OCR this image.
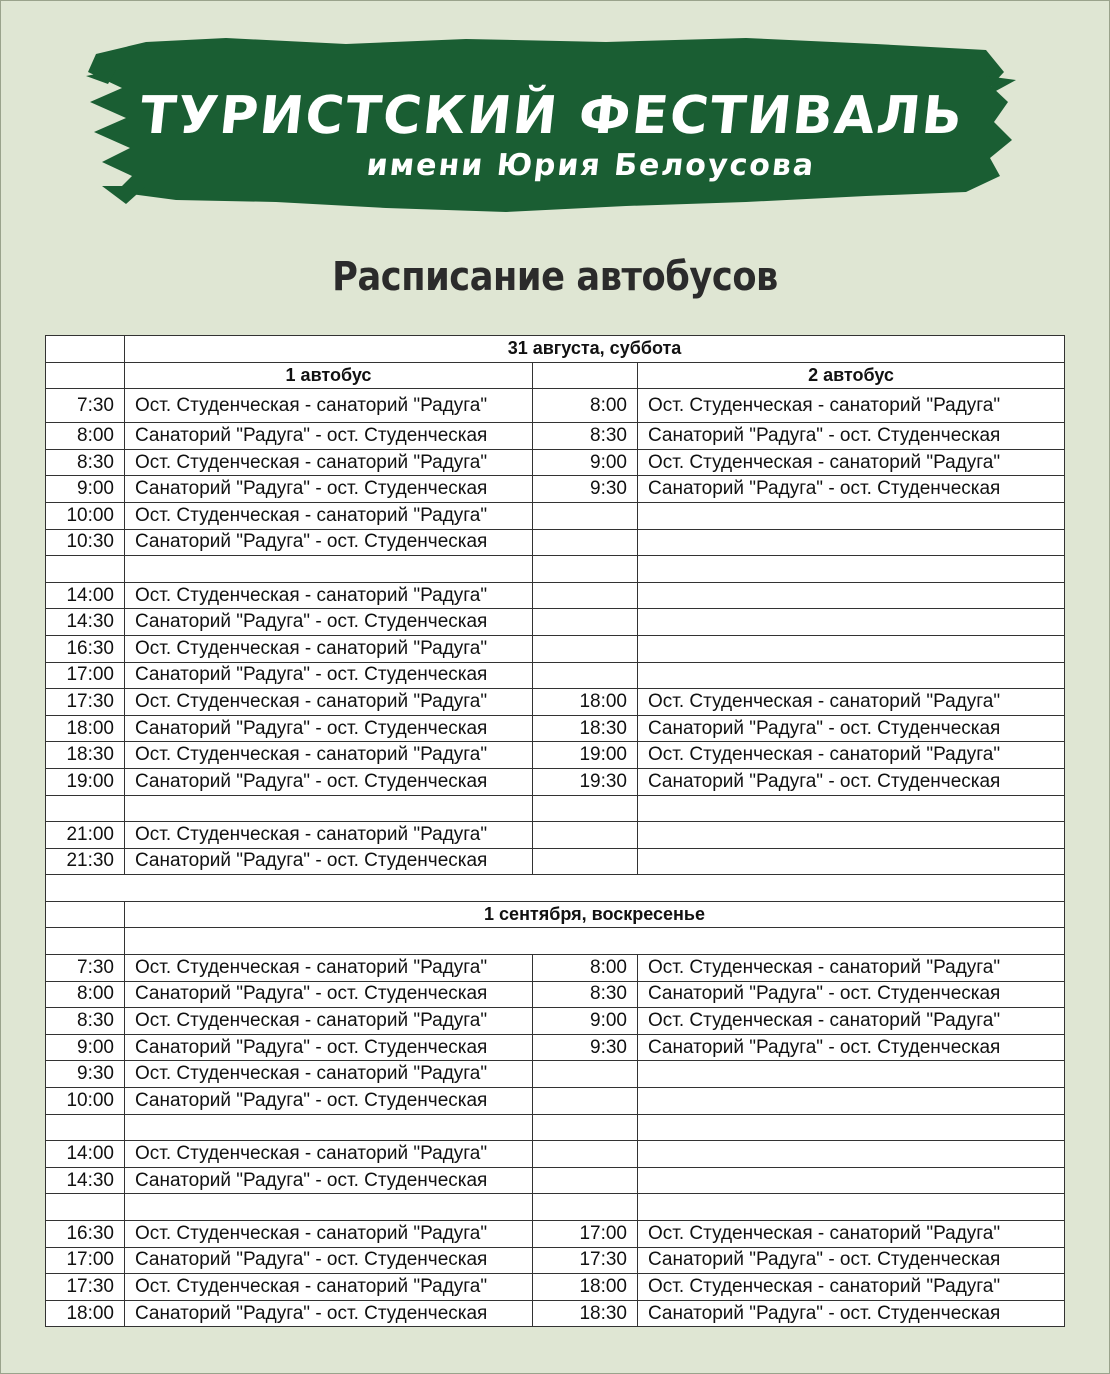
ТУРИСТСКИЙ ФЕСТИВАЛЬ
имени Юрия Белоусова
Расписание автобусов
	31 августа, суббота		
	1 автобус		2 автобус
7:30	Ост. Студенческая - санаторий "Радуга"	8:00	Ост. Студенческая - санаторий "Радуга"
8:00	Санаторий "Радуга" - ост. Студенческая	8:30	Санаторий "Радуга" - ост. Студенческая
8:30	Ост. Студенческая - санаторий "Радуга"	9:00	Ост. Студенческая - санаторий "Радуга"
9:00	Санаторий "Радуга" - ост. Студенческая	9:30	Санаторий "Радуга" - ост. Студенческая
10:00	Ост. Студенческая - санаторий "Радуга"		
10:30	Санаторий "Радуга" - ост. Студенческая		

14:00	Ост. Студенческая - санаторий "Радуга"		
14:30	Санаторий "Радуга" - ост. Студенческая		
16:30	Ост. Студенческая - санаторий "Радуга"		
17:00	Санаторий "Радуга" - ост. Студенческая		
17:30	Ост. Студенческая - санаторий "Радуга"	18:00	Ост. Студенческая - санаторий "Радуга"
18:00	Санаторий "Радуга" - ост. Студенческая	18:30	Санаторий "Радуга" - ост. Студенческая
18:30	Ост. Студенческая - санаторий "Радуга"	19:00	Ост. Студенческая - санаторий "Радуга"
19:00	Санаторий "Радуга" - ост. Студенческая	19:30	Санаторий "Радуга" - ост. Студенческая

21:00	Ост. Студенческая - санаторий "Радуга"		
21:30	Санаторий "Радуга" - ост. Студенческая		

	1 сентября, воскресенье		

7:30	Ост. Студенческая - санаторий "Радуга"	8:00	Ост. Студенческая - санаторий "Радуга"
8:00	Санаторий "Радуга" - ост. Студенческая	8:30	Санаторий "Радуга" - ост. Студенческая
8:30	Ост. Студенческая - санаторий "Радуга"	9:00	Ост. Студенческая - санаторий "Радуга"
9:00	Санаторий "Радуга" - ост. Студенческая	9:30	Санаторий "Радуга" - ост. Студенческая
9:30	Ост. Студенческая - санаторий "Радуга"		
10:00	Санаторий "Радуга" - ост. Студенческая		

14:00	Ост. Студенческая - санаторий "Радуга"		
14:30	Санаторий "Радуга" - ост. Студенческая		

16:30	Ост. Студенческая - санаторий "Радуга"	17:00	Ост. Студенческая - санаторий "Радуга"
17:00	Санаторий "Радуга" - ост. Студенческая	17:30	Санаторий "Радуга" - ост. Студенческая
17:30	Ост. Студенческая - санаторий "Радуга"	18:00	Ост. Студенческая - санаторий "Радуга"
18:00	Санаторий "Радуга" - ост. Студенческая	18:30	Санаторий "Радуга" - ост. Студенческая
